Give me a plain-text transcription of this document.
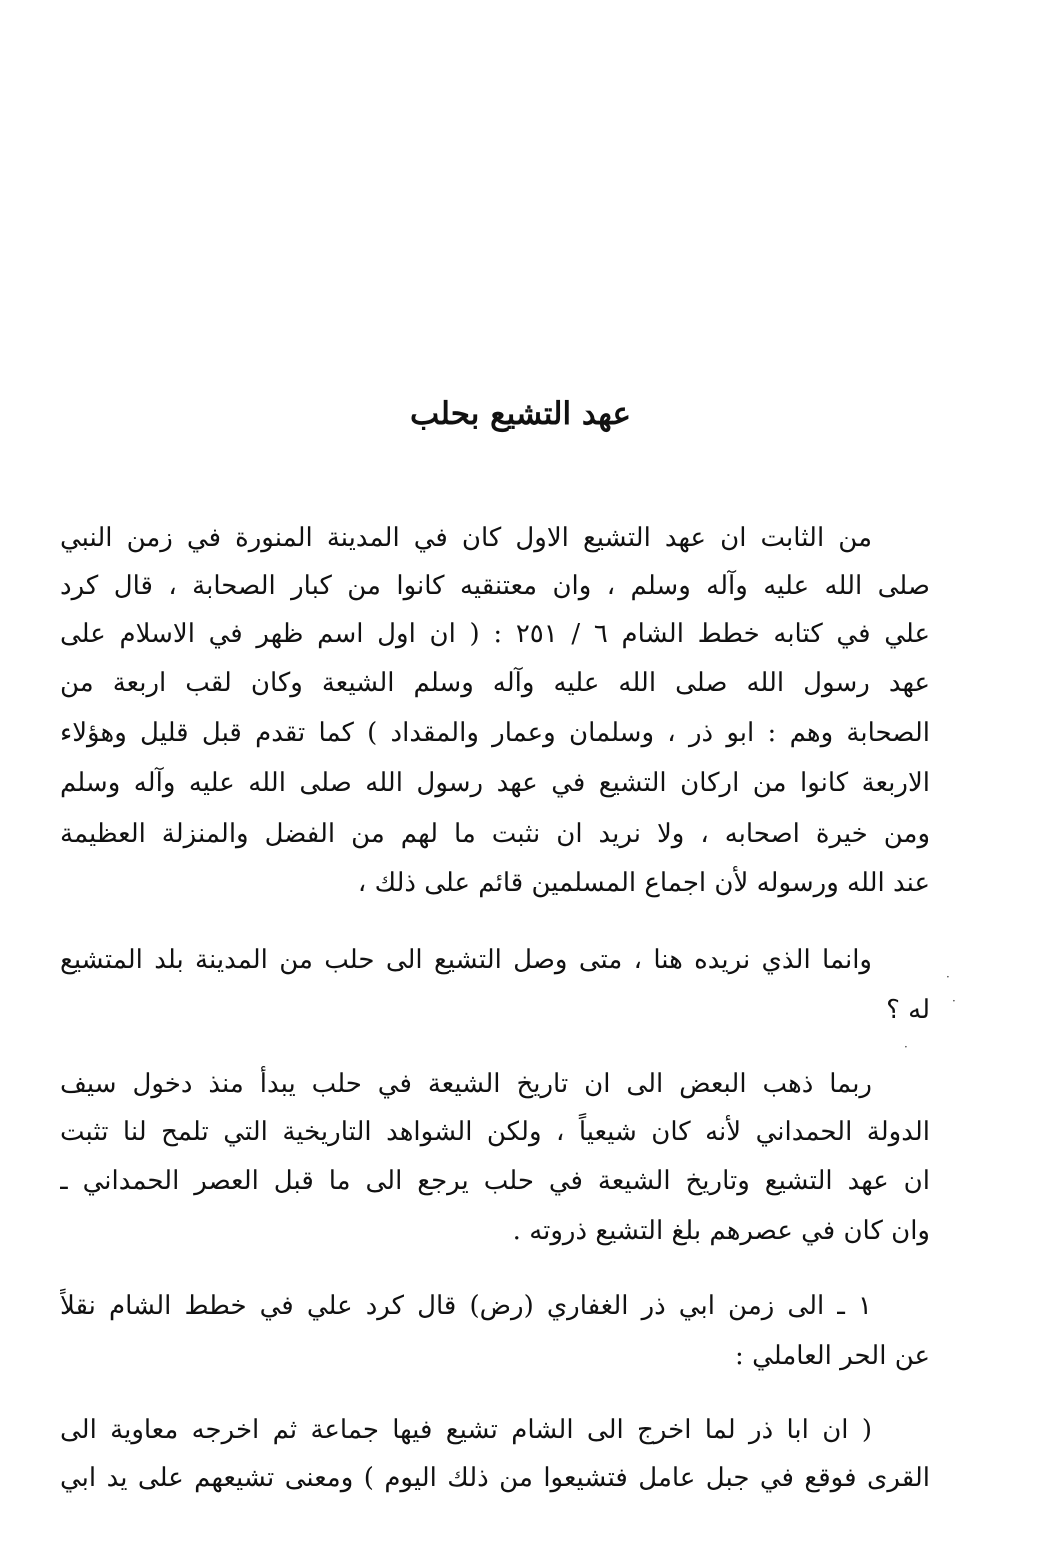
عهد التشيع بحلب
من الثابت ان عهد التشيع الاول كان في المدينة المنورة في زمن النبي
صلى الله عليه وآله وسلم ، وان معتنقيه كانوا من كبار الصحابة ، قال كرد
علي في كتابه خطط الشام ٦ / ٢٥١ : ( ان اول اسم ظهر في الاسلام على
عهد رسول الله صلى الله عليه وآله وسلم الشيعة وكان لقب اربعة من
الصحابة وهم : ابو ذر ، وسلمان وعمار والمقداد ) كما تقدم قبل قليل وهؤلاء
الاربعة كانوا من اركان التشيع في عهد رسول الله صلى الله عليه وآله وسلم
ومن خيرة اصحابه ، ولا نريد ان نثبت ما لهم من الفضل والمنزلة العظيمة
عند الله ورسوله لأن اجماع المسلمين قائم على ذلك ،
وانما الذي نريده هنا ، متى وصل التشيع الى حلب من المدينة بلد المتشيع
له ؟
ربما ذهب البعض الى ان تاريخ الشيعة في حلب يبدأ منذ دخول سيف
الدولة الحمداني لأنه كان شيعياً ، ولكن الشواهد التاريخية التي تلمح لنا تثبت
ان عهد التشيع وتاريخ الشيعة في حلب يرجع الى ما قبل العصر الحمداني ـ
وان كان في عصرهم بلغ التشيع ذروته .
١ ـ الى زمن ابي ذر الغفاري (رض) قال كرد علي في خطط الشام نقلاً
عن الحر العاملي :
( ان ابا ذر لما اخرج الى الشام تشيع فيها جماعة ثم اخرجه معاوية الى
القرى فوقع في جبل عامل فتشيعوا من ذلك اليوم ) ومعنى تشيعهم على يد ابي
·
·
·
